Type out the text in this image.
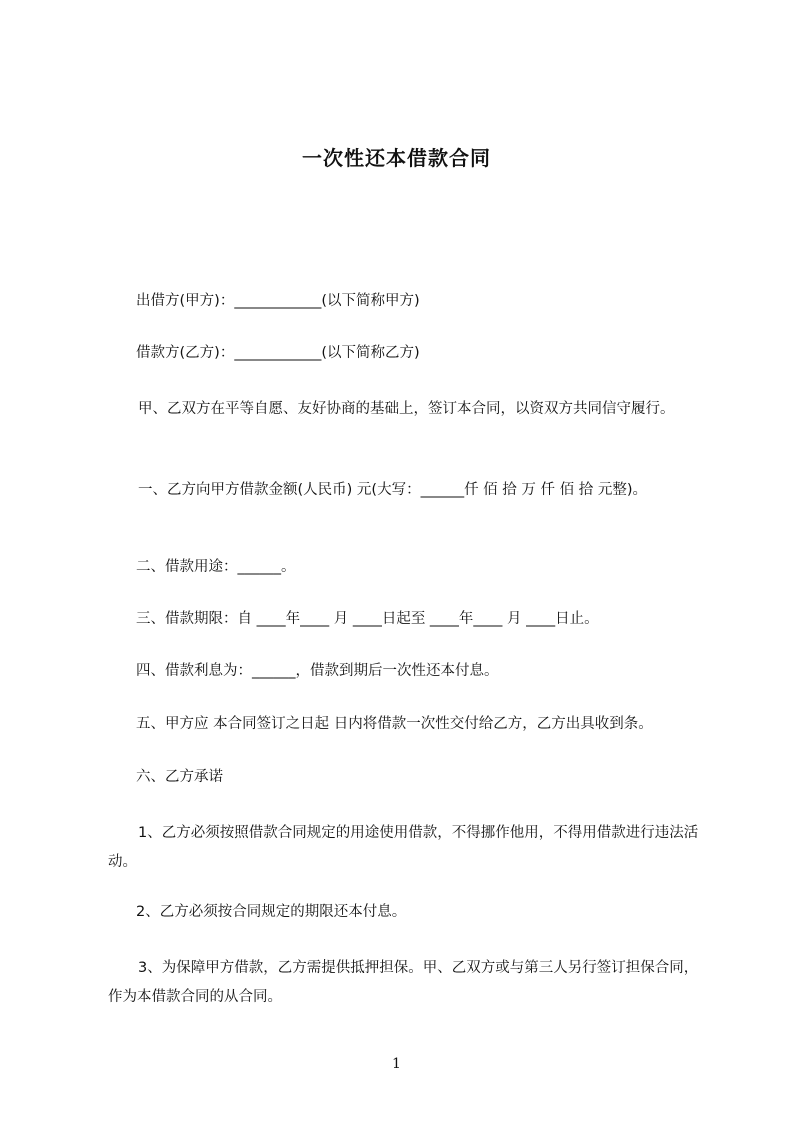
一次性还本借款合同

出借方(甲方)：____________(以下简称甲方)

借款方(乙方)：____________(以下简称乙方)

甲、乙双方在平等自愿、友好协商的基础上，签订本合同，以资双方共同信守履行。

一、乙方向甲方借款金额(人民币) 元(大写：______仟 佰 拾 万 仟 佰 拾 元整)。

二、借款用途：______。

三、借款期限：自 ____年____ 月 ____日起至 ____年____ 月 ____日止。

四、借款利息为：______，借款到期后一次性还本付息。

五、甲方应 本合同签订之日起 日内将借款一次性交付给乙方，乙方出具收到条。

六、乙方承诺

1、乙方必须按照借款合同规定的用途使用借款，不得挪作他用，不得用借款进行违法活动。

2、乙方必须按合同规定的期限还本付息。

3、为保障甲方借款，乙方需提供抵押担保。甲、乙双方或与第三人另行签订担保合同，作为本借款合同的从合同。

1
